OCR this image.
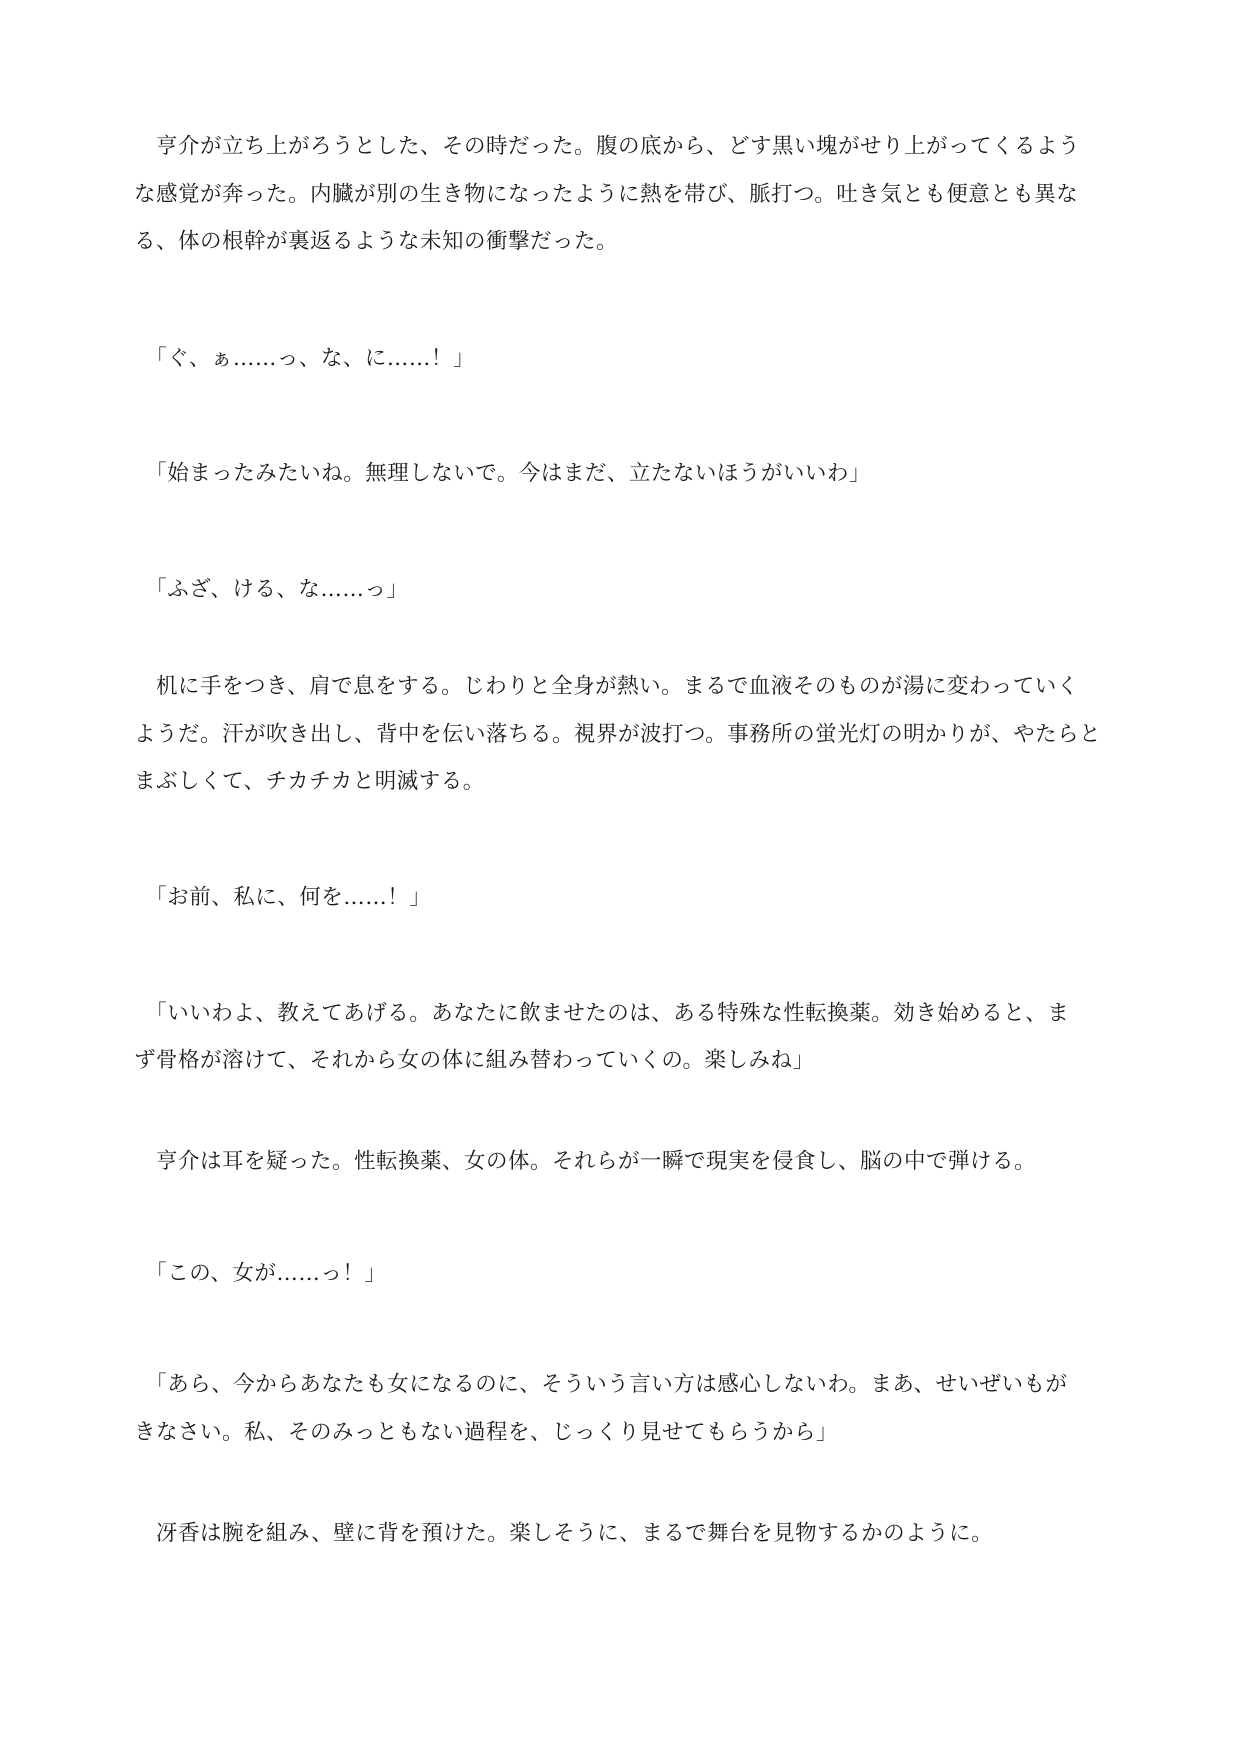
　亨介が立ち上がろうとした、その時だった。腹の底から、どす黒い塊がせり上がってくるよう

な感覚が奔った。内臓が別の生き物になったように熱を帯び、脈打つ。吐き気とも便意とも異な

る、体の根幹が裏返るような未知の衝撃だった。

　「ぐ、ぁ……っ、な、に……！」

　「始まったみたいね。無理しないで。今はまだ、立たないほうがいいわ」

　「ふざ、ける、な……っ」

　机に手をつき、肩で息をする。じわりと全身が熱い。まるで血液そのものが湯に変わっていく

ようだ。汗が吹き出し、背中を伝い落ちる。視界が波打つ。事務所の蛍光灯の明かりが、やたらと

まぶしくて、チカチカと明滅する。

　「お前、私に、何を……！」

　「いいわよ、教えてあげる。あなたに飲ませたのは、ある特殊な性転換薬。効き始めると、ま

ず骨格が溶けて、それから女の体に組み替わっていくの。楽しみね」

　亨介は耳を疑った。性転換薬、女の体。それらが一瞬で現実を侵食し、脳の中で弾ける。

　「この、女が……っ！」

　「あら、今からあなたも女になるのに、そういう言い方は感心しないわ。まあ、せいぜいもが

きなさい。私、そのみっともない過程を、じっくり見せてもらうから」

　冴香は腕を組み、壁に背を預けた。楽しそうに、まるで舞台を見物するかのように。
